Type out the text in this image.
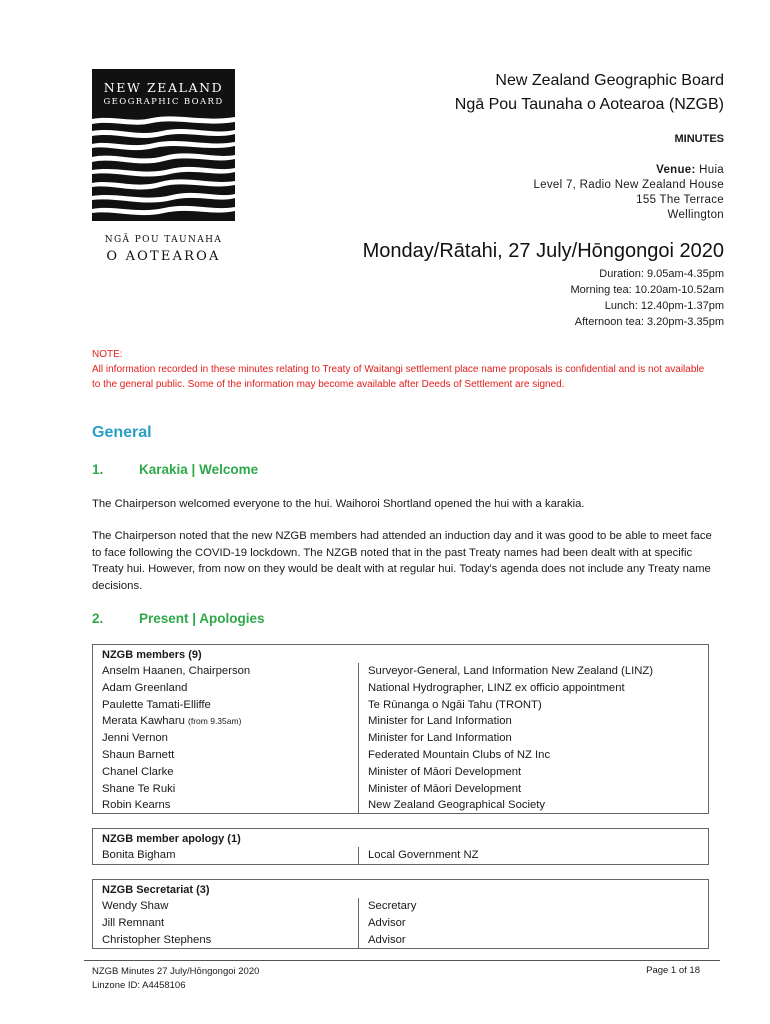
NEW ZEALAND
GEOGRAPHIC BOARD
NGĀ POU TAUNAHA
O AOTEAROA
New Zealand Geographic Board
Ngā Pou Taunaha o Aotearoa (NZGB)
MINUTES
Venue: Huia
Level 7, Radio New Zealand House
155 The Terrace
Wellington
Monday/Rātahi, 27 July/Hōngongoi 2020
Duration: 9.05am-4.35pm
Morning tea: 10.20am-10.52am
Lunch: 12.40pm-1.37pm
Afternoon tea: 3.20pm-3.35pm
NOTE:
All information recorded in these minutes relating to Treaty of Waitangi settlement place name proposals is confidential and is not available to the general public. Some of the information may become available after Deeds of Settlement are signed.
General
1.	Karakia | Welcome
The Chairperson welcomed everyone to the hui. Waihoroi Shortland opened the hui with a karakia.
The Chairperson noted that the new NZGB members had attended an induction day and it was good to be able to meet face to face following the COVID-19 lockdown. The NZGB noted that in the past Treaty names had been dealt with at specific Treaty hui. However, from now on they would be dealt with at regular hui. Today's agenda does not include any Treaty name decisions.
2.	Present | Apologies
NZGB members (9)
Anselm Haanen, Chairperson	Surveyor-General, Land Information New Zealand (LINZ)
Adam Greenland	National Hydrographer, LINZ ex officio appointment
Paulette Tamati-Elliffe	Te Rūnanga o Ngāi Tahu (TRONT)
Merata Kawharu (from 9.35am)	Minister for Land Information
Jenni Vernon	Minister for Land Information
Shaun Barnett	Federated Mountain Clubs of NZ Inc
Chanel Clarke	Minister of Māori Development
Shane Te Ruki	Minister of Māori Development
Robin Kearns	New Zealand Geographical Society
NZGB member apology (1)
Bonita Bigham	Local Government NZ
NZGB Secretariat (3)
Wendy Shaw	Secretary
Jill Remnant	Advisor
Christopher Stephens	Advisor
NZGB Minutes 27 July/Hōngongoi 2020
Linzone ID: A4458106
Page 1 of 18
